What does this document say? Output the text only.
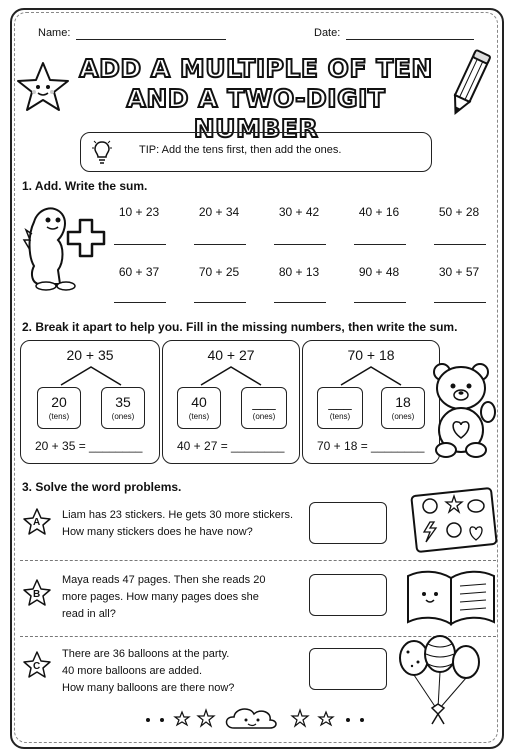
Name:	Date:
ADD A MULTIPLE OF TEN
AND A TWO-DIGIT NUMBER
TIP: Add the tens first, then add the ones.
1. Add. Write the sum.
10 + 23	20 + 34	30 + 42	40 + 16	50 + 28
60 + 37	70 + 25	80 + 13	90 + 48	30 + 57
2. Break it apart to help you. Fill in the missing numbers, then write the sum.
20 + 35
20
(tens)
35
(ones)
20 + 35 = ________
40 + 27
40
(tens)
___
(ones)
40 + 27 = ________
70 + 18
___
(tens)
18
(ones)
70 + 18 = ________
3. Solve the word problems.
A
Liam has 23 stickers. He gets 30 more stickers.
How many stickers does he have now?
B
Maya reads 47 pages. Then she reads 20
more pages. How many pages does she
read in all?
C
There are 36 balloons at the party.
40 more balloons are added.
How many balloons are there now?
